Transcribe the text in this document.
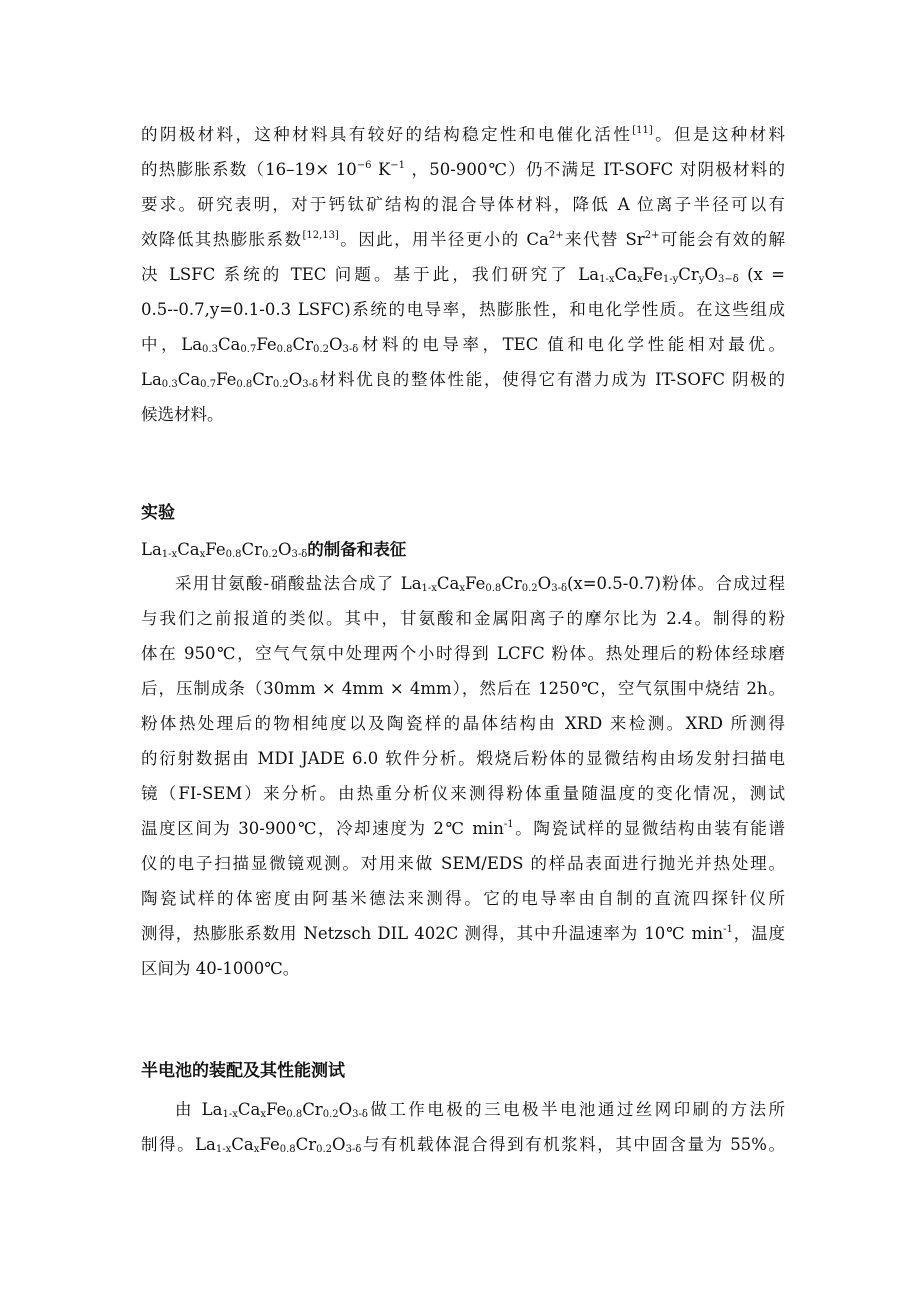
的阴极材料，这种材料具有较好的结构稳定性和电催化活性[11]。但是这种材料
的热膨胀系数（$16-19\times 10^{-6}$ $K^{-1}$ ，50-900℃）仍不满足 IT-SOFC 对阴极材料的
要求。研究表明，对于钙钛矿结构的混合导体材料，降低 A 位离子半径可以有
效降低其热膨胀系数[12,13]。因此，用半径更小的 $Ca^{2+}$来代替 $Sr^{2+}$可能会有效的解
决 LSFC 系统的 TEC 问题。基于此，我们研究了 $La_{1-x}Ca_xFe_{1-y}Cr_yO_{3-\delta}$ (x =
0.5--0.7,y=0.1-0.3 LSFC)系统的电导率，热膨胀性，和电化学性质。在这些组成
中，$La_{0.3}Ca_{0.7}Fe_{0.8}Cr_{0.2}O_{3-\delta}$材料的电导率，TEC 值和电化学性能相对最优。
$La_{0.3}Ca_{0.7}Fe_{0.8}Cr_{0.2}O_{3-\delta}$材料优良的整体性能，使得它有潜力成为 IT-SOFC 阴极的
候选材料。
实验
$La_{1-x}Ca_xFe_{0.8}Cr_{0.2}O_{3-\delta}$的制备和表征
采用甘氨酸-硝酸盐法合成了 $La_{1-x}Ca_xFe_{0.8}Cr_{0.2}O_{3-\delta}(x=0.5-0.7)$粉体。合成过程
与我们之前报道的类似。其中，甘氨酸和金属阳离子的摩尔比为 2.4。制得的粉
体在 950℃，空气气氛中处理两个小时得到 LCFC 粉体。热处理后的粉体经球磨
后，压制成条（30mm × 4mm × 4mm），然后在 1250℃，空气氛围中烧结 2h。
粉体热处理后的物相纯度以及陶瓷样的晶体结构由 XRD 来检测。XRD 所测得
的衍射数据由 MDI JADE 6.0 软件分析。煅烧后粉体的显微结构由场发射扫描电
镜（FI-SEM）来分析。由热重分析仪来测得粉体重量随温度的变化情况，测试
温度区间为 30-900℃，冷却速度为 2℃ $\min^{-1}$。陶瓷试样的显微结构由装有能谱
仪的电子扫描显微镜观测。对用来做 SEM/EDS 的样品表面进行抛光并热处理。
陶瓷试样的体密度由阿基米德法来测得。它的电导率由自制的直流四探针仪所
测得，热膨胀系数用 Netzsch DIL 402C 测得，其中升温速率为 10℃ $\min^{-1}$，温度
区间为 40-1000℃。
半电池的装配及其性能测试
由 $La_{1-x}Ca_xFe_{0.8}Cr_{0.2}O_{3-\delta}$做工作电极的三电极半电池通过丝网印刷的方法所
制得。$La_{1-x}Ca_xFe_{0.8}Cr_{0.2}O_{3-\delta}$与有机载体混合得到有机浆料，其中固含量为 55%。
